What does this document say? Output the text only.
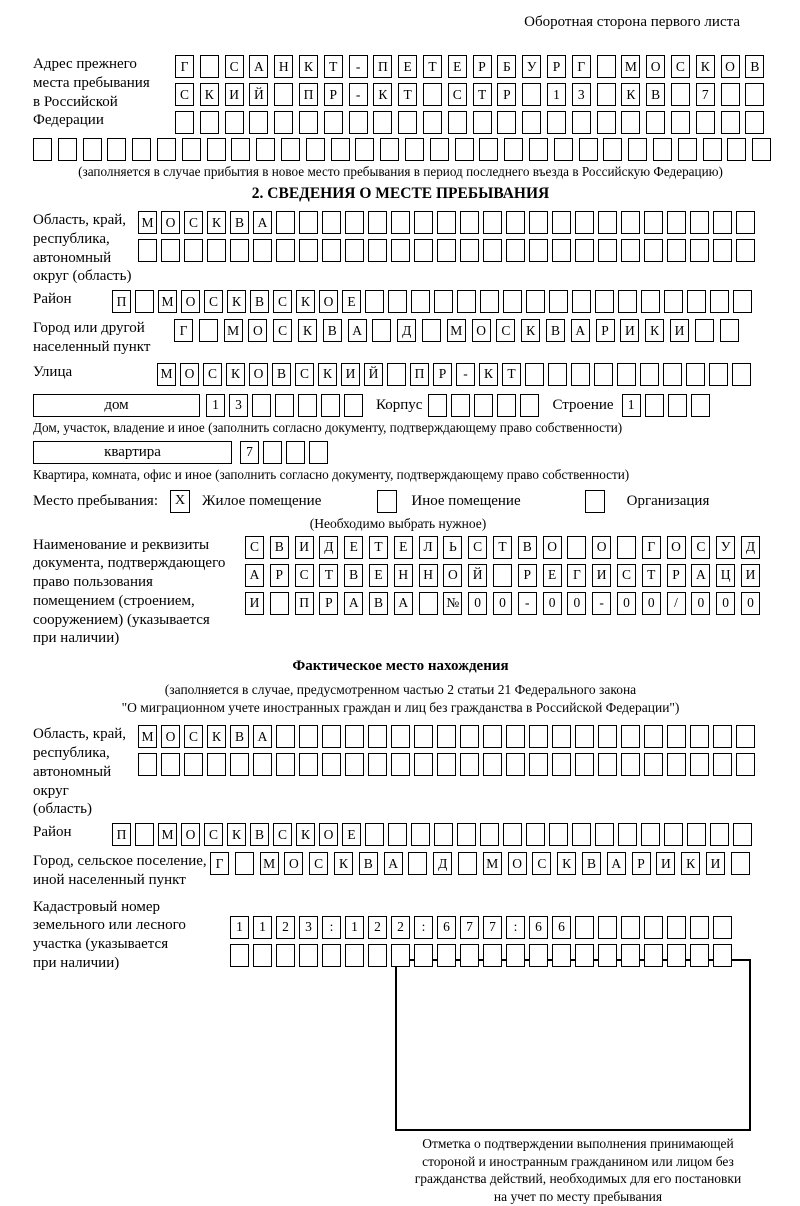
Оборотная сторона первого листа
Адрес прежнего
места пребывания
в Российской
Федерации
Г	С	А	Н	К	Т	-	П	Е	Т	Е	Р	Б	У	Р	Г	М	О	С	К	О	В
С	К	И	Й	П	Р	-	К	Т	С	Т	Р	1	3	К	В	7
(заполняется в случае прибытия в новое место пребывания в период последнего въезда в Российскую Федерацию)
2. СВЕДЕНИЯ О МЕСТЕ ПРЕБЫВАНИЯ
Область, край,
республика,
автономный
округ (область)
М О	С	К	В	А
Район	П	М О	С	К	В	С	К	О	Е
Город или другой
населенный пункт
Г	М	О	С	К	В	А	Д	М	О	С	К	В	А	Р	И	К	И
Улица	М О	С	К	О	В	С	К	И Й	П	Р	-	К	Т
дом	1	3	Корпус	Строение	1
Дом, участок, владение и иное (заполнить согласно документу, подтверждающему право собственности)
квартира	7
Квартира, комната, офис и иное (заполнить согласно документу, подтверждающему право собственности)
Место пребывания:	X	Жилое помещение	Иное помещение	Организация
(Необходимо выбрать нужное)
Наименование и реквизиты
документа, подтверждающего
право пользования
помещением (строением,
сооружением) (указывается
при наличии)
С	В	И	Д	Е	Т	Е	Л	Ь	С	Т	В	О	О	Г	О	С	У	Д
А	Р	С	Т	В	Е	Н	Н	О	Й	Р	Е	Г	И	С	Т	Р	А	Ц	И
И	П	Р	А	В	А	№	0	0	-	0	0	-	0	0	/	0	0	0
Фактическое место нахождения
(заполняется в случае, предусмотренном частью 2 статьи 21 Федерального закона
"О миграционном учете иностранных граждан и лиц без гражданства в Российской Федерации")
Область, край,
республика,
автономный округ
(область)
М О	С	К	В	А
Район	П	М О	С	К	В	С	К	О	Е
Город, сельское поселение,
иной населенный пункт
Г	М	О	С	К	В	А	Д	М	О	С	К	В	А	Р	И	К	И
Кадастровый номер
земельного или лесного
участка (указывается
при наличии)
1	1	2	3	:	1	2	2	:	6	7	7	:	6	6
Отметка о подтверждении выполнения принимающей
стороной и иностранным гражданином или лицом без
гражданства действий, необходимых для его постановки
на учет по месту пребывания
